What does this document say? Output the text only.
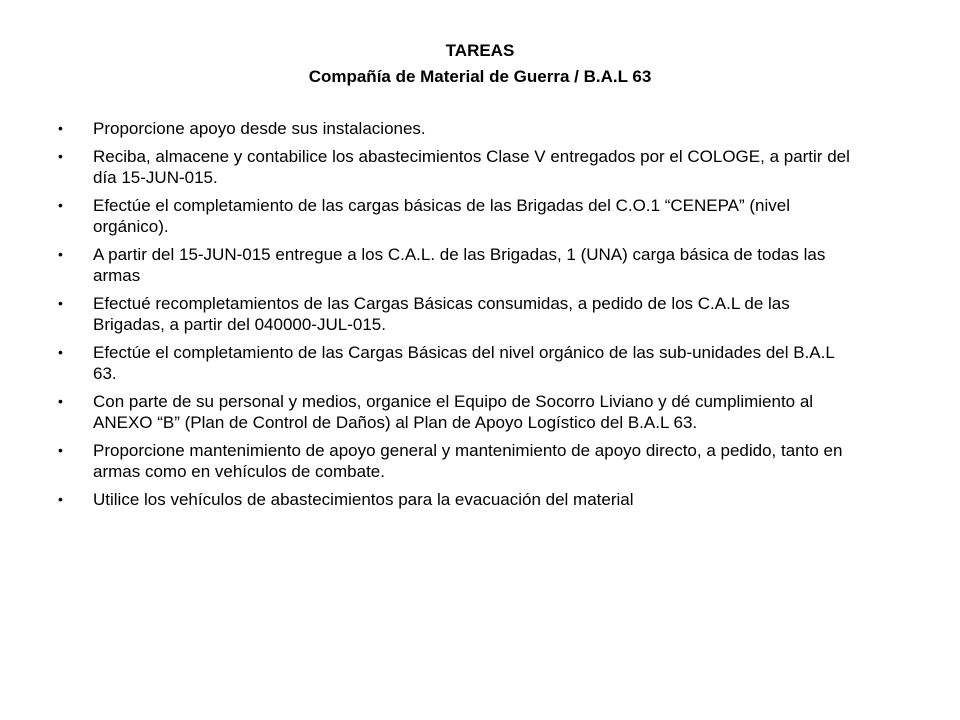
TAREAS
Compañía de Material de Guerra / B.A.L 63
• Proporcione apoyo desde sus instalaciones.
• Reciba, almacene y contabilice los abastecimientos Clase V entregados por el COLOGE, a partir del día 15-JUN-015.
• Efectúe el completamiento de las cargas básicas de las Brigadas del C.O.1 “CENEPA” (nivel orgánico).
• A partir del 15-JUN-015 entregue a los C.A.L. de las Brigadas, 1 (UNA) carga básica de todas las armas
• Efectué recompletamientos de las Cargas Básicas consumidas, a pedido de los C.A.L de las Brigadas, a partir del 040000-JUL-015.
• Efectúe el completamiento de las Cargas Básicas del nivel orgánico de las sub-unidades del B.A.L 63.
• Con parte de su personal y medios, organice el Equipo de Socorro Liviano y dé cumplimiento al ANEXO “B” (Plan de Control de Daños) al Plan de Apoyo Logístico del B.A.L 63.
• Proporcione mantenimiento de apoyo general y mantenimiento de apoyo directo, a pedido, tanto en armas como en vehículos de combate.
• Utilice los vehículos de abastecimientos para la evacuación del material
